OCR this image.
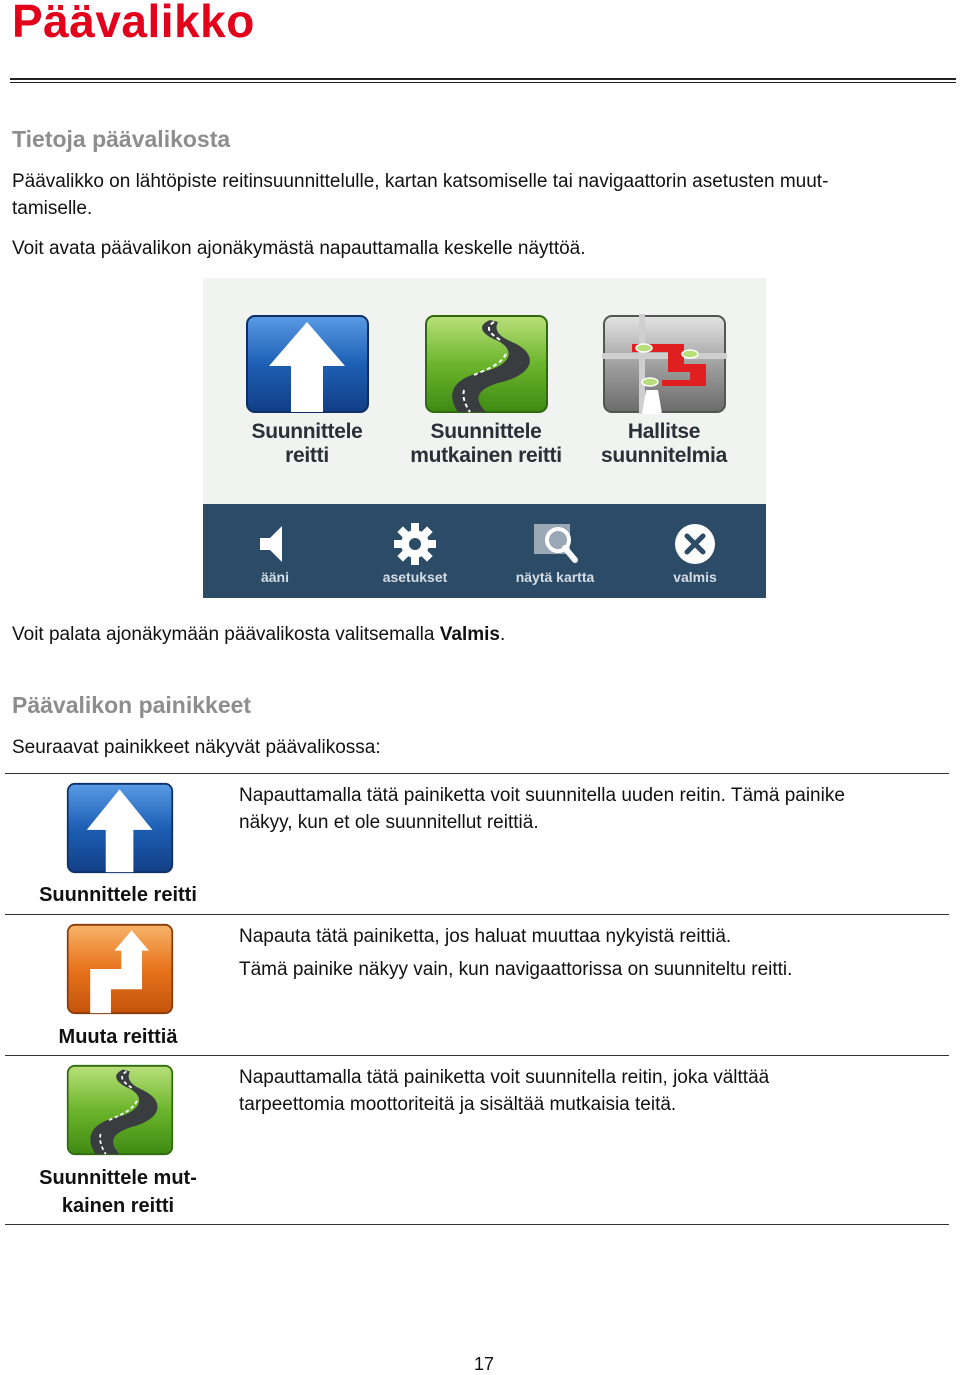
Päävalikko
Tietoja päävalikosta

Päävalikko on lähtöpiste reitinsuunnittelulle, kartan katsomiselle tai navigaattorin asetusten muut-
tamiselle.

Voit avata päävalikon ajonäkymästä napauttamalla keskelle näyttöä.

Suunnittele
reitti
Suunnittele
mutkainen reitti
Hallitse
suunnitelmia
ääni	asetukset	näytä kartta	valmis

Voit palata ajonäkymään päävalikosta valitsemalla Valmis.

Päävalikon painikkeet

Seuraavat painikkeet näkyvät päävalikossa:

Suunnittele reitti

Napauttamalla tätä painiketta voit suunnitella uuden reitin. Tämä painike
näkyy, kun et ole suunnitellut reittiä.

Muuta reittiä

Napauta tätä painiketta, jos haluat muuttaa nykyistä reittiä.

Tämä painike näkyy vain, kun navigaattorissa on suunniteltu reitti.

Suunnittele mut-
kainen reitti

Napauttamalla tätä painiketta voit suunnitella reitin, joka välttää
tarpeettomia moottoriteitä ja sisältää mutkaisia teitä.

17
